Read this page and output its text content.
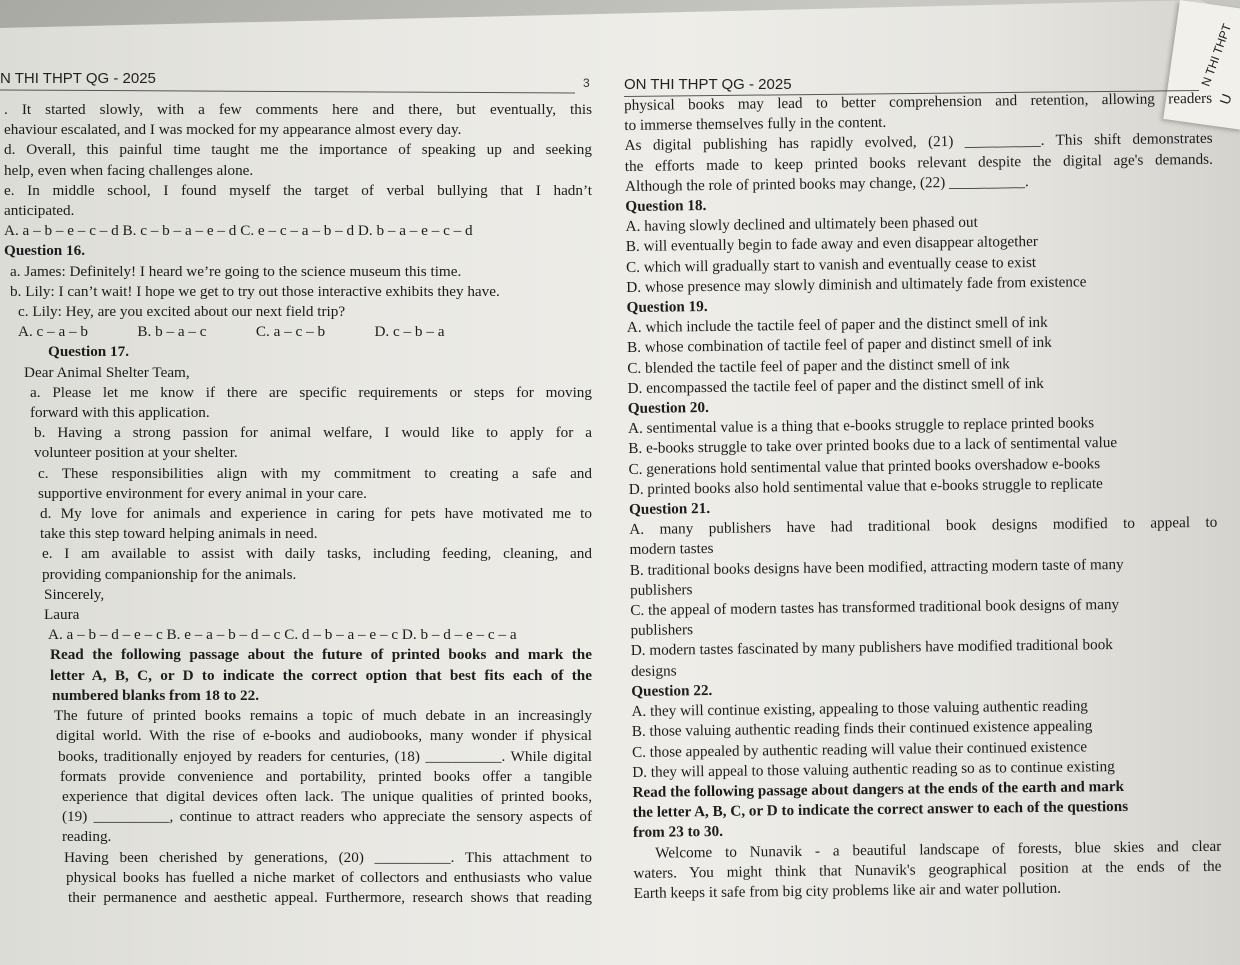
N THI THPT
U
N THI THPT QG - 2025	3 ON THI THPT QG - 2025
. It started slowly, with a few comments here and there, but eventually, this
ehaviour escalated, and I was mocked for my appearance almost every day.
d. Overall, this painful time taught me the importance of speaking up and seeking
help, even when facing challenges alone.
e. In middle school, I found myself the target of verbal bullying that I hadn’t
anticipated.
A. a – b – e – c – d B. c – b – a – e – d C. e – c – a – b – d D. b – a – e – c – d
Question 16.
a. James: Definitely! I heard we’re going to the science museum this time.
b. Lily: I can’t wait! I hope we get to try out those interactive exhibits they have.
c. Lily: Hey, are you excited about our next field trip?
A. c – a – b             B. b – a – c             C. a – c – b             D. c – b – a
Question 17.
Dear Animal Shelter Team,
a. Please let me know if there are specific requirements or steps for moving
forward with this application.
b. Having a strong passion for animal welfare, I would like to apply for a
volunteer position at your shelter.
c. These responsibilities align with my commitment to creating a safe and
supportive environment for every animal in your care.
d. My love for animals and experience in caring for pets have motivated me to
take this step toward helping animals in need.
e. I am available to assist with daily tasks, including feeding, cleaning, and
providing companionship for the animals.
Sincerely,
Laura
A. a – b – d – e – c B. e – a – b – d – c C. d – b – a – e – c D. b – d – e – c – a
Read the following passage about the future of printed books and mark the
letter A, B, C, or D to indicate the correct option that best fits each of the
numbered blanks from 18 to 22.
The future of printed books remains a topic of much debate in an increasingly
digital world. With the rise of e-books and audiobooks, many wonder if physical
books, traditionally enjoyed by readers for centuries, (18) __________. While digital
formats provide convenience and portability, printed books offer a tangible
experience that digital devices often lack. The unique qualities of printed books,
(19) __________, continue to attract readers who appreciate the sensory aspects of
reading.
Having been cherished by generations, (20) __________. This attachment to
physical books has fuelled a niche market of collectors and enthusiasts who value
their permanence and aesthetic appeal. Furthermore, research shows that reading
physical books may lead to better comprehension and retention, allowing readers
to immerse themselves fully in the content.
As digital publishing has rapidly evolved, (21) __________. This shift demonstrates
the efforts made to keep printed books relevant despite the digital age's demands.
Although the role of printed books may change, (22) __________.
Question 18.
A. having slowly declined and ultimately been phased out
B. will eventually begin to fade away and even disappear altogether
C. which will gradually start to vanish and eventually cease to exist
D. whose presence may slowly diminish and ultimately fade from existence
Question 19.
A. which include the tactile feel of paper and the distinct smell of ink
B. whose combination of tactile feel of paper and distinct smell of ink
C. blended the tactile feel of paper and the distinct smell of ink
D. encompassed the tactile feel of paper and the distinct smell of ink
Question 20.
A. sentimental value is a thing that e-books struggle to replace printed books
B. e-books struggle to take over printed books due to a lack of sentimental value
C. generations hold sentimental value that printed books overshadow e-books
D. printed books also hold sentimental value that e-books struggle to replicate
Question 21.
A. many publishers have had traditional book designs modified to appeal to
modern tastes
B. traditional books designs have been modified, attracting modern taste of many
publishers
C. the appeal of modern tastes has transformed traditional book designs of many
publishers
D. modern tastes fascinated by many publishers have modified traditional book
designs
Question 22.
A. they will continue existing, appealing to those valuing authentic reading
B. those valuing authentic reading finds their continued existence appealing
C. those appealed by authentic reading will value their continued existence
D. they will appeal to those valuing authentic reading so as to continue existing
Read the following passage about dangers at the ends of the earth and mark
the letter A, B, C, or D to indicate the correct answer to each of the questions
from 23 to 30.
Welcome to Nunavik - a beautiful landscape of forests, blue skies and clear
waters. You might think that Nunavik's geographical position at the ends of the
Earth keeps it safe from big city problems like air and water pollution.
